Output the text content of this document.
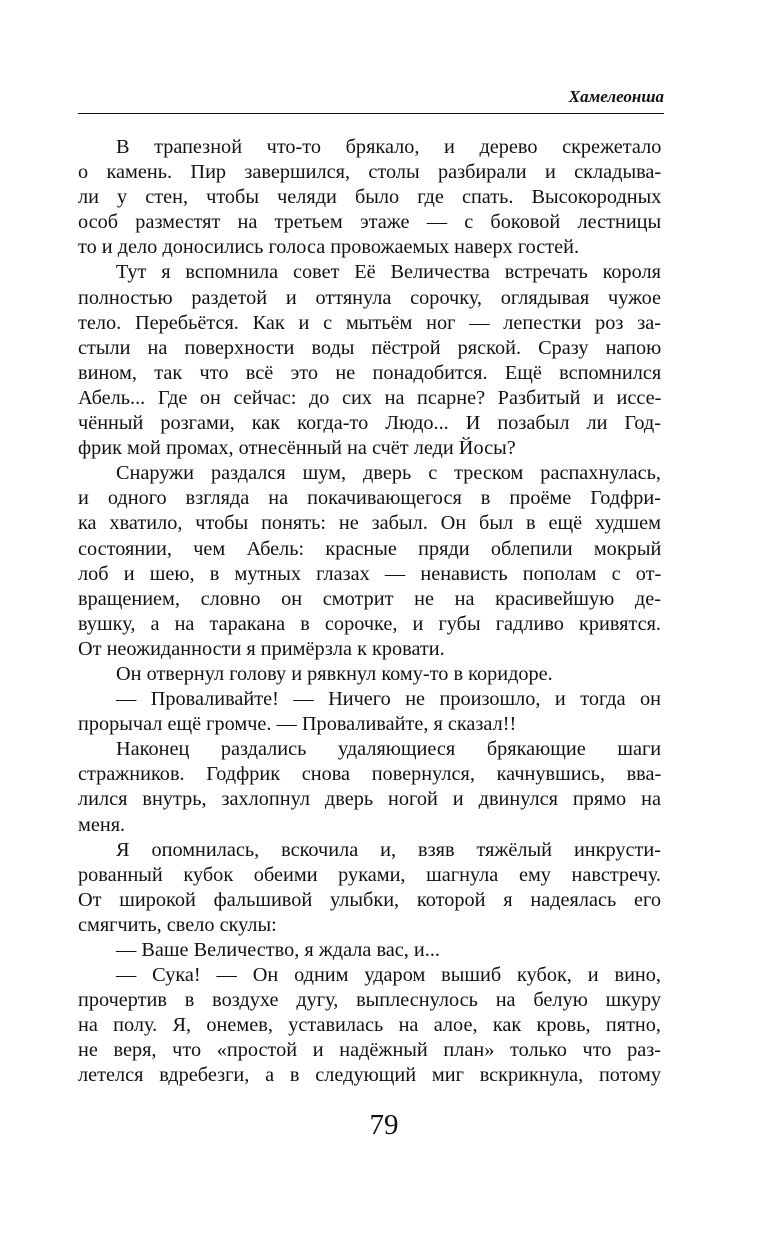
Хамелеонша
В трапезной что-то брякало, и дерево скрежетало
о камень. Пир завершился, столы разбирали и складыва-
ли у стен, чтобы челяди было где спать. Высокородных
особ разместят на третьем этаже — с боковой лестницы
то и дело доносились голоса провожаемых наверх гостей.
Тут я вспомнила совет Её Величества встречать короля
полностью раздетой и оттянула сорочку, оглядывая чужое
тело. Перебьётся. Как и с мытьём ног — лепестки роз за-
стыли на поверхности воды пёстрой ряской. Сразу напою
вином, так что всё это не понадобится. Ещё вспомнился
Абель... Где он сейчас: до сих на псарне? Разбитый и иссе-
чённый розгами, как когда-то Людо... И позабыл ли Год-
фрик мой промах, отнесённый на счёт леди Йосы?
Снаружи раздался шум, дверь с треском распахнулась,
и одного взгляда на покачивающегося в проёме Годфри-
ка хватило, чтобы понять: не забыл. Он был в ещё худшем
состоянии, чем Абель: красные пряди облепили мокрый
лоб и шею, в мутных глазах — ненависть пополам с от-
вращением, словно он смотрит не на красивейшую де-
вушку, а на таракана в сорочке, и губы гадливо кривятся.
От неожиданности я примёрзла к кровати.
Он отвернул голову и рявкнул кому-то в коридоре.
— Проваливайте! — Ничего не произошло, и тогда он
прорычал ещё громче. — Проваливайте, я сказал!!
Наконец раздались удаляющиеся брякающие шаги
стражников. Годфрик снова повернулся, качнувшись, вва-
лился внутрь, захлопнул дверь ногой и двинулся прямо на
меня.
Я опомнилась, вскочила и, взяв тяжёлый инкрусти-
рованный кубок обеими руками, шагнула ему навстречу.
От широкой фальшивой улыбки, которой я надеялась его
смягчить, свело скулы:
— Ваше Величество, я ждала вас, и...
— Сука! — Он одним ударом вышиб кубок, и вино,
прочертив в воздухе дугу, выплеснулось на белую шкуру
на полу. Я, онемев, уставилась на алое, как кровь, пятно,
не веря, что «простой и надёжный план» только что раз-
летелся вдребезги, а в следующий миг вскрикнула, потому
79
